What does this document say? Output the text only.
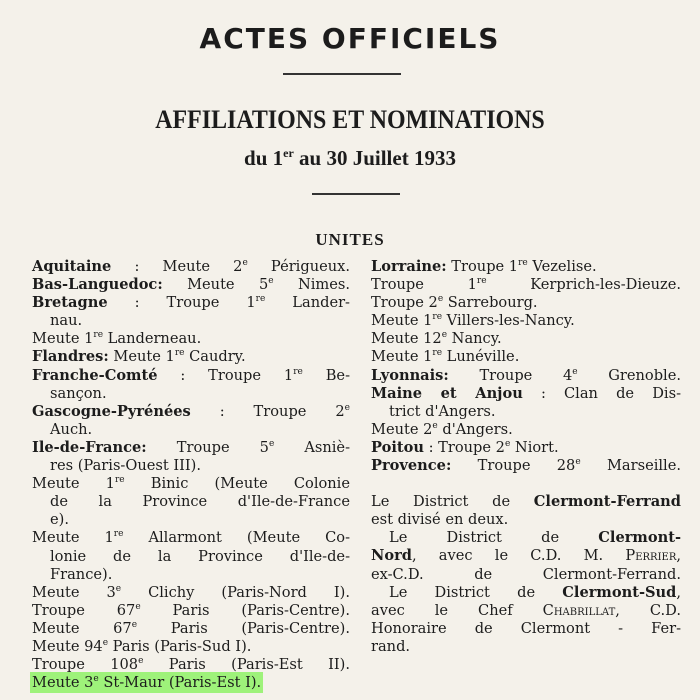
ACTES OFFICIELS
AFFILIATIONS ET NOMINATIONS
du 1er au 30 Juillet 1933
UNITES
Aquitaine : Meute 2e Périgueux.
Bas-Languedoc: Meute 5e Nimes.
Bretagne : Troupe 1re Lander-
nau.
Meute 1re Landerneau.
Flandres: Meute 1re Caudry.
Franche-Comté : Troupe 1re Be-
sançon.
Gascogne-Pyrénées : Troupe 2e
Auch.
Ile-de-France: Troupe 5e Asniè-
res (Paris-Ouest III).
Meute 1re Binic (Meute Colonie
de la Province d'Ile-de-France
e).
Meute 1re Allarmont (Meute Co-
lonie de la Province d'Ile-de-
France).
Meute 3e Clichy (Paris-Nord I).
Troupe 67e Paris (Paris-Centre).
Meute 67e Paris (Paris-Centre).
Meute 94e Paris (Paris-Sud I).
Troupe 108e Paris (Paris-Est II).
Meute 3e St-Maur (Paris-Est I).
Lorraine: Troupe 1re Vezelise.
Troupe 1re Kerprich-les-Dieuze.
Troupe 2e Sarrebourg.
Meute 1re Villers-les-Nancy.
Meute 12e Nancy.
Meute 1re Lunéville.
Lyonnais: Troupe 4e Grenoble.
Maine et Anjou : Clan de Dis-
trict d'Angers.
Meute 2e d'Angers.
Poitou : Troupe 2e Niort.
Provence: Troupe 28e Marseille.
Le District de Clermont-Ferrand
est divisé en deux.
Le District de Clermont-
Nord, avec le C.D. M. Perrier,
ex-C.D. de Clermont-Ferrand.
Le District de Clermont-Sud,
avec le Chef Chabrillat, C.D.
Honoraire de Clermont - Fer-
rand.
